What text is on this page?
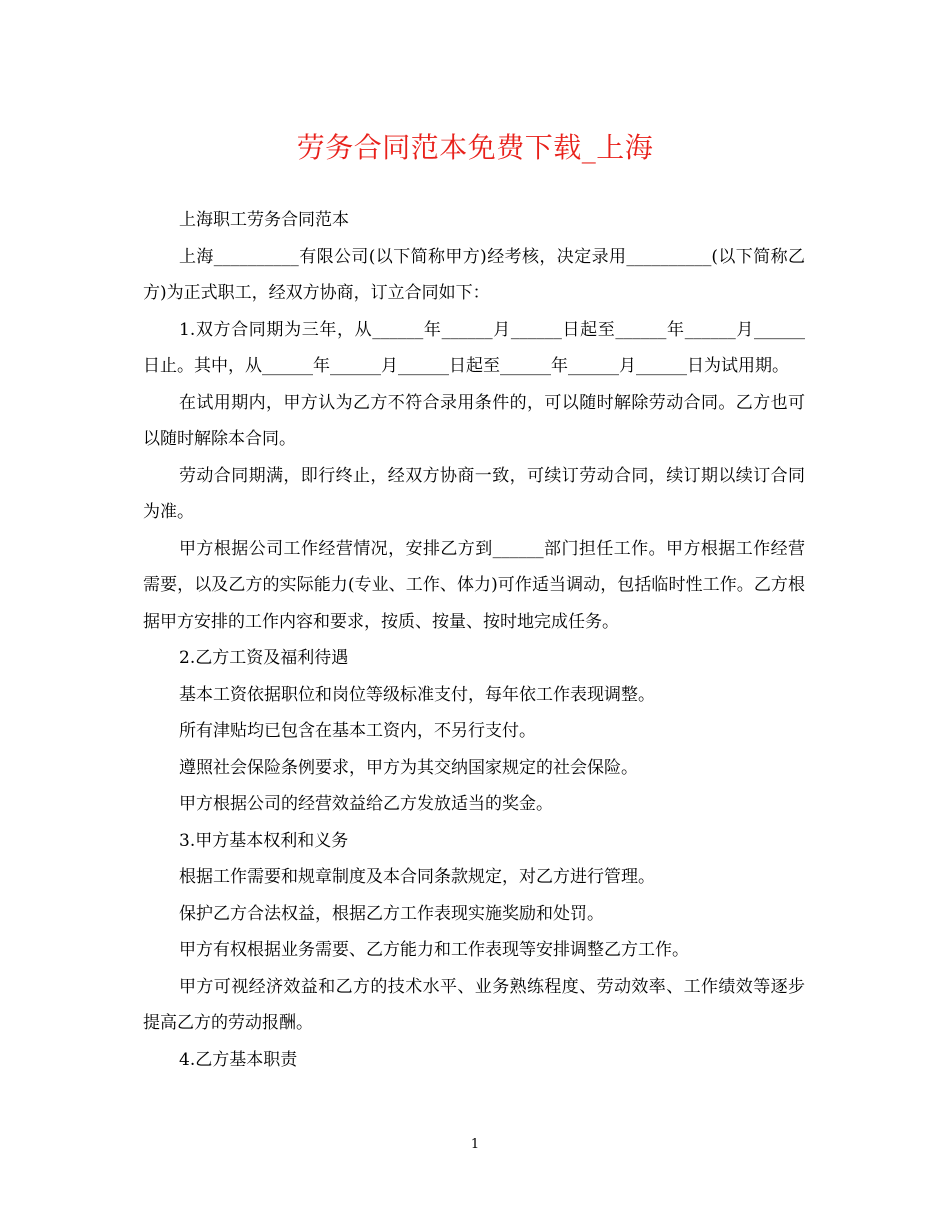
劳务合同范本免费下载_上海

上海职工劳务合同范本

上海__________有限公司(以下简称甲方)经考核，决定录用__________(以下简称乙方)为正式职工，经双方协商，订立合同如下：

1.双方合同期为三年，从______年______月______日起至______年______月______日止。其中，从______年______月______日起至______年______月______日为试用期。

在试用期内，甲方认为乙方不符合录用条件的，可以随时解除劳动合同。乙方也可以随时解除本合同。

劳动合同期满，即行终止，经双方协商一致，可续订劳动合同，续订期以续订合同为准。

甲方根据公司工作经营情况，安排乙方到______部门担任工作。甲方根据工作经营需要，以及乙方的实际能力(专业、工作、体力)可作适当调动，包括临时性工作。乙方根据甲方安排的工作内容和要求，按质、按量、按时地完成任务。

2.乙方工资及福利待遇

基本工资依据职位和岗位等级标准支付，每年依工作表现调整。

所有津贴均已包含在基本工资内，不另行支付。

遵照社会保险条例要求，甲方为其交纳国家规定的社会保险。

甲方根据公司的经营效益给乙方发放适当的奖金。

3.甲方基本权利和义务

根据工作需要和规章制度及本合同条款规定，对乙方进行管理。

保护乙方合法权益，根据乙方工作表现实施奖励和处罚。

甲方有权根据业务需要、乙方能力和工作表现等安排调整乙方工作。

甲方可视经济效益和乙方的技术水平、业务熟练程度、劳动效率、工作绩效等逐步提高乙方的劳动报酬。

4.乙方基本职责

1
